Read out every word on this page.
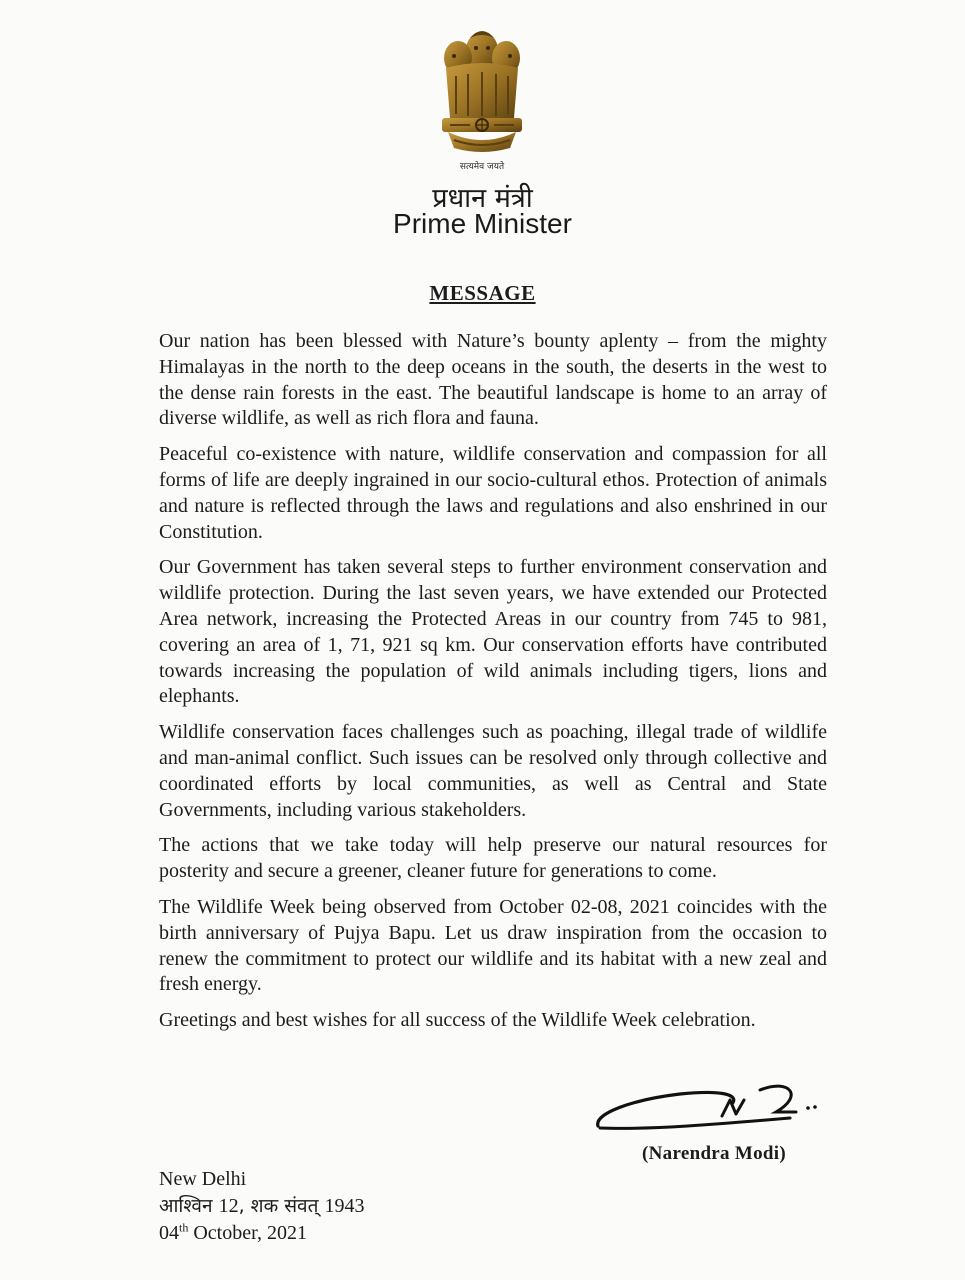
सत्यमेव जयते
प्रधान मंत्री
Prime Minister
MESSAGE

Our nation has been blessed with Nature’s bounty aplenty – from the mighty Himalayas in the north to the deep oceans in the south, the deserts in the west to the dense rain forests in the east. The beautiful landscape is home to an array of diverse wildlife, as well as rich flora and fauna.

Peaceful co-existence with nature, wildlife conservation and compassion for all forms of life are deeply ingrained in our socio-cultural ethos. Protection of animals and nature is reflected through the laws and regulations and also enshrined in our Constitution.

Our Government has taken several steps to further environment conservation and wildlife protection. During the last seven years, we have extended our Protected Area network, increasing the Protected Areas in our country from 745 to 981, covering an area of 1, 71, 921 sq km. Our conservation efforts have contributed towards increasing the population of wild animals including tigers, lions and elephants.

Wildlife conservation faces challenges such as poaching, illegal trade of wildlife and man-animal conflict. Such issues can be resolved only through collective and coordinated efforts by local communities, as well as Central and State Governments, including various stakeholders.

The actions that we take today will help preserve our natural resources for posterity and secure a greener, cleaner future for generations to come.

The Wildlife Week being observed from October 02-08, 2021 coincides with the birth anniversary of Pujya Bapu. Let us draw inspiration from the occasion to renew the commitment to protect our wildlife and its habitat with a new zeal and fresh energy.

Greetings and best wishes for all success of the Wildlife Week celebration.

(Narendra Modi)
New Delhi
आश्विन 12, शक संवत् 1943
04th October, 2021
